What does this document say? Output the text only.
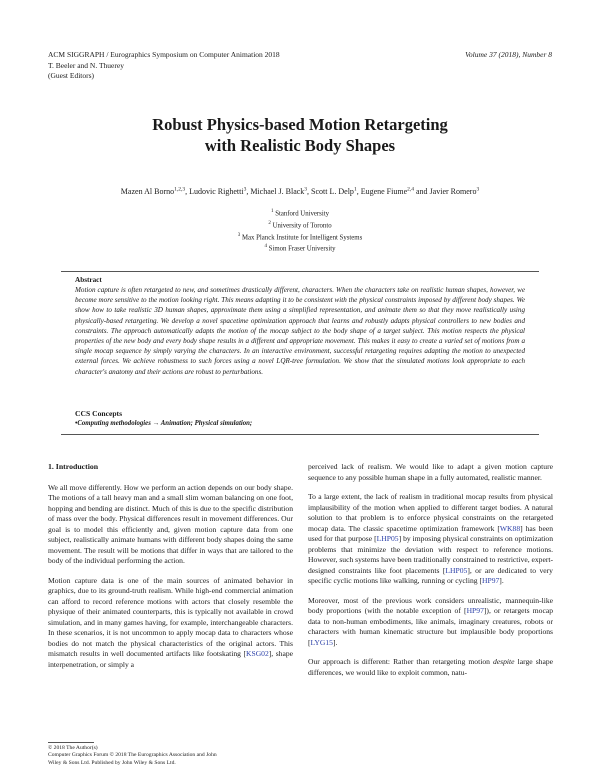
ACM SIGGRAPH / Eurographics Symposium on Computer Animation 2018
T. Beeler and N. Thuerey
(Guest Editors)
Volume 37 (2018), Number 8
Robust Physics-based Motion Retargeting
with Realistic Body Shapes
Mazen Al Borno$^{1,2,3}$, Ludovic Righetti$^3$, Michael J. Black$^3$, Scott L. Delp$^1$, Eugene Fiume$^{2,4}$ and Javier Romero$^3$
$^1$ Stanford University
$^2$ University of Toronto
$^3$ Max Planck Institute for Intelligent Systems
$^4$ Simon Fraser University
Abstract
Motion capture is often retargeted to new, and sometimes drastically different, characters. When the characters take on realistic human shapes, however, we become more sensitive to the motion looking right. This means adapting it to be consistent with the physical constraints imposed by different body shapes. We show how to take realistic 3D human shapes, approximate them using a simplified representation, and animate them so that they move realistically using physically-based retargeting. We develop a novel spacetime optimization approach that learns and robustly adapts physical controllers to new bodies and constraints. The approach automatically adapts the motion of the mocap subject to the body shape of a target subject. This motion respects the physical properties of the new body and every body shape results in a different and appropriate movement. This makes it easy to create a varied set of motions from a single mocap sequence by simply varying the characters. In an interactive environment, successful retargeting requires adapting the motion to unexpected external forces. We achieve robustness to such forces using a novel LQR-tree formulation. We show that the simulated motions look appropriate to each character's anatomy and their actions are robust to perturbations.
CCS Concepts
•Computing methodologies → Animation; Physical simulation;
1. Introduction

We all move differently. How we perform an action depends on our body shape. The motions of a tall heavy man and a small slim woman balancing on one foot, hopping and bending are distinct. Much of this is due to the specific distribution of mass over the body. Physical differences result in movement differences. Our goal is to model this efficiently and, given motion capture data from one subject, realistically animate humans with different body shapes doing the same movement. The result will be motions that differ in ways that are tailored to the body of the individual performing the action.

Motion capture data is one of the main sources of animated behavior in graphics, due to its ground-truth realism. While high-end commercial animation can afford to record reference motions with actors that closely resemble the physique of their animated counterparts, this is typically not available in crowd simulation, and in many games having, for example, interchangeable characters. In these scenarios, it is not uncommon to apply mocap data to characters whose bodies do not match the physical characteristics of the original actors. This mismatch results in well documented artifacts like footskating [KSG02], shape interpenetration, or simply a

perceived lack of realism. We would like to adapt a given motion capture sequence to any possible human shape in a fully automated, realistic manner.

To a large extent, the lack of realism in traditional mocap results from physical implausibility of the motion when applied to different target bodies. A natural solution to that problem is to enforce physical constraints on the retargeted mocap data. The classic spacetime optimization framework [WK88] has been used for that purpose [LHP05] by imposing physical constraints on optimization problems that minimize the deviation with respect to reference motions. However, such systems have been traditionally constrained to restrictive, expert-designed constraints like foot placements [LHP05], or are dedicated to very specific cyclic motions like walking, running or cycling [HP97].

Moreover, most of the previous work considers unrealistic, mannequin-like body proportions (with the notable exception of [HP97]), or retargets mocap data to non-human embodiments, like animals, imaginary creatures, robots or characters with human kinematic structure but implausible body proportions [LYG15].

Our approach is different: Rather than retargeting motion despite large shape differences, we would like to exploit common, natu-

© 2018 The Author(s)
Computer Graphics Forum © 2018 The Eurographics Association and John
Wiley & Sons Ltd. Published by John Wiley & Sons Ltd.
